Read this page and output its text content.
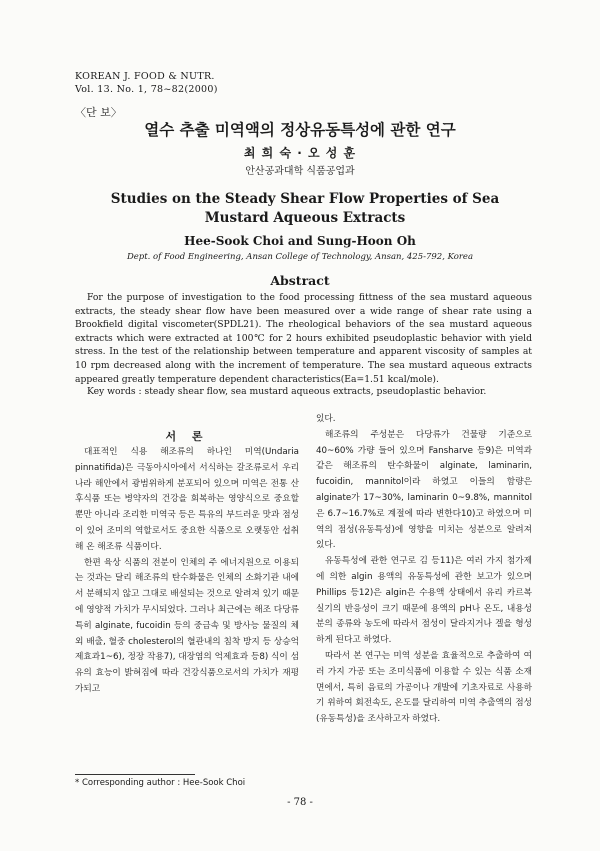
KOREAN J. FOOD & NUTR.
Vol. 13. No. 1, 78~82(2000)
〈단 보〉
열수 추출 미역액의 정상유동특성에 관한 연구
최 희 숙 · 오 성 훈
안산공과대학 식품공업과
Studies on the Steady Shear Flow Properties of Sea Mustard Aqueous Extracts
Hee-Sook Choi and Sung-Hoon Oh
Dept. of Food Engineering, Ansan College of Technology, Ansan, 425-792, Korea
Abstract
For the purpose of investigation to the food processing fittness of the sea mustard aqueous extracts, the steady shear flow have been measured over a wide range of shear rate using a Brookfield digital viscometer(SPDL21). The rheological behaviors of the sea mustard aqueous extracts which were extracted at 100℃ for 2 hours exhibited pseudoplastic behavior with yield stress. In the test of the relationship between temperature and apparent viscosity of samples at 10 rpm decreased along with the increment of temperature. The sea mustard aqueous extracts appeared greatly temperature dependent characteristics(Ea=1.51 kcal/mole).
Key words : steady shear flow, sea mustard aqueous extracts, pseudoplastic behavior.
서 론

대표적인 식용 해조류의 하나인 미역(Undaria pinnatifida)은 극동아시아에서 서식하는 갈조류로서 우리 나라 해안에서 광범위하게 분포되어 있으며 미역은 전통 산후식품 또는 병약자의 건강을 회복하는 영양식으로 중요할 뿐만 아니라 조리한 미역국 등은 특유의 부드러운 맛과 점성이 있어 조미의 역할로서도 중요한 식품으로 오랫동안 섭취해 온 해조류 식품이다.

한편 육상 식품의 전분이 인체의 주 에너지원으로 이용되는 것과는 달리 해조류의 탄수화물은 인체의 소화기관 내에서 분해되지 않고 그대로 배설되는 것으로 알려져 있기 때문에 영양적 가치가 무시되었다. 그러나 최근에는 해조 다당류 특히 alginate, fucoidin 등의 중금속 및 방사능 물질의 체외 배출, 혈중 cholesterol의 혈관내의 침착 방지 등 상승억제효과1~6), 정장 작용7), 대장염의 억제효과 등8) 식이 섬유의 효능이 밝혀짐에 따라 건강식품으로서의 가치가 재평가되고

있다.

해조류의 주성분은 다당류가 건물량 기준으로 40~60% 가량 들어 있으며 Fansharve 등9)은 미역과 같은 해조류의 탄수화물이 alginate, laminarin, fucoidin, mannitol이라 하였고 이들의 함량은 alginate가 17~30%, laminarin 0~9.8%, mannitol은 6.7~16.7%로 계절에 따라 변한다10)고 하였으며 미역의 점성(유동특성)에 영향을 미치는 성분으로 알려져 있다.

유동특성에 관한 연구로 김 등11)은 여러 가지 첨가제에 의한 algin 용액의 유동특성에 관한 보고가 있으며 Phillips 등12)은 algin은 수용액 상태에서 유리 카르복실기의 반응성이 크기 때문에 용액의 pH나 온도, 내용성분의 종류와 농도에 따라서 점성이 달라지거나 겔을 형성하게 된다고 하였다.

따라서 본 연구는 미역 성분을 효율적으로 추출하여 여러 가지 가공 또는 조미식품에 이용할 수 있는 식품 소재면에서, 특히 음료의 가공이나 개발에 기초자료로 사용하기 위하여 회전속도, 온도를 달리하여 미역 추출액의 점성(유동특성)을 조사하고자 하였다.

* Corresponding author : Hee-Sook Choi
- 78 -
